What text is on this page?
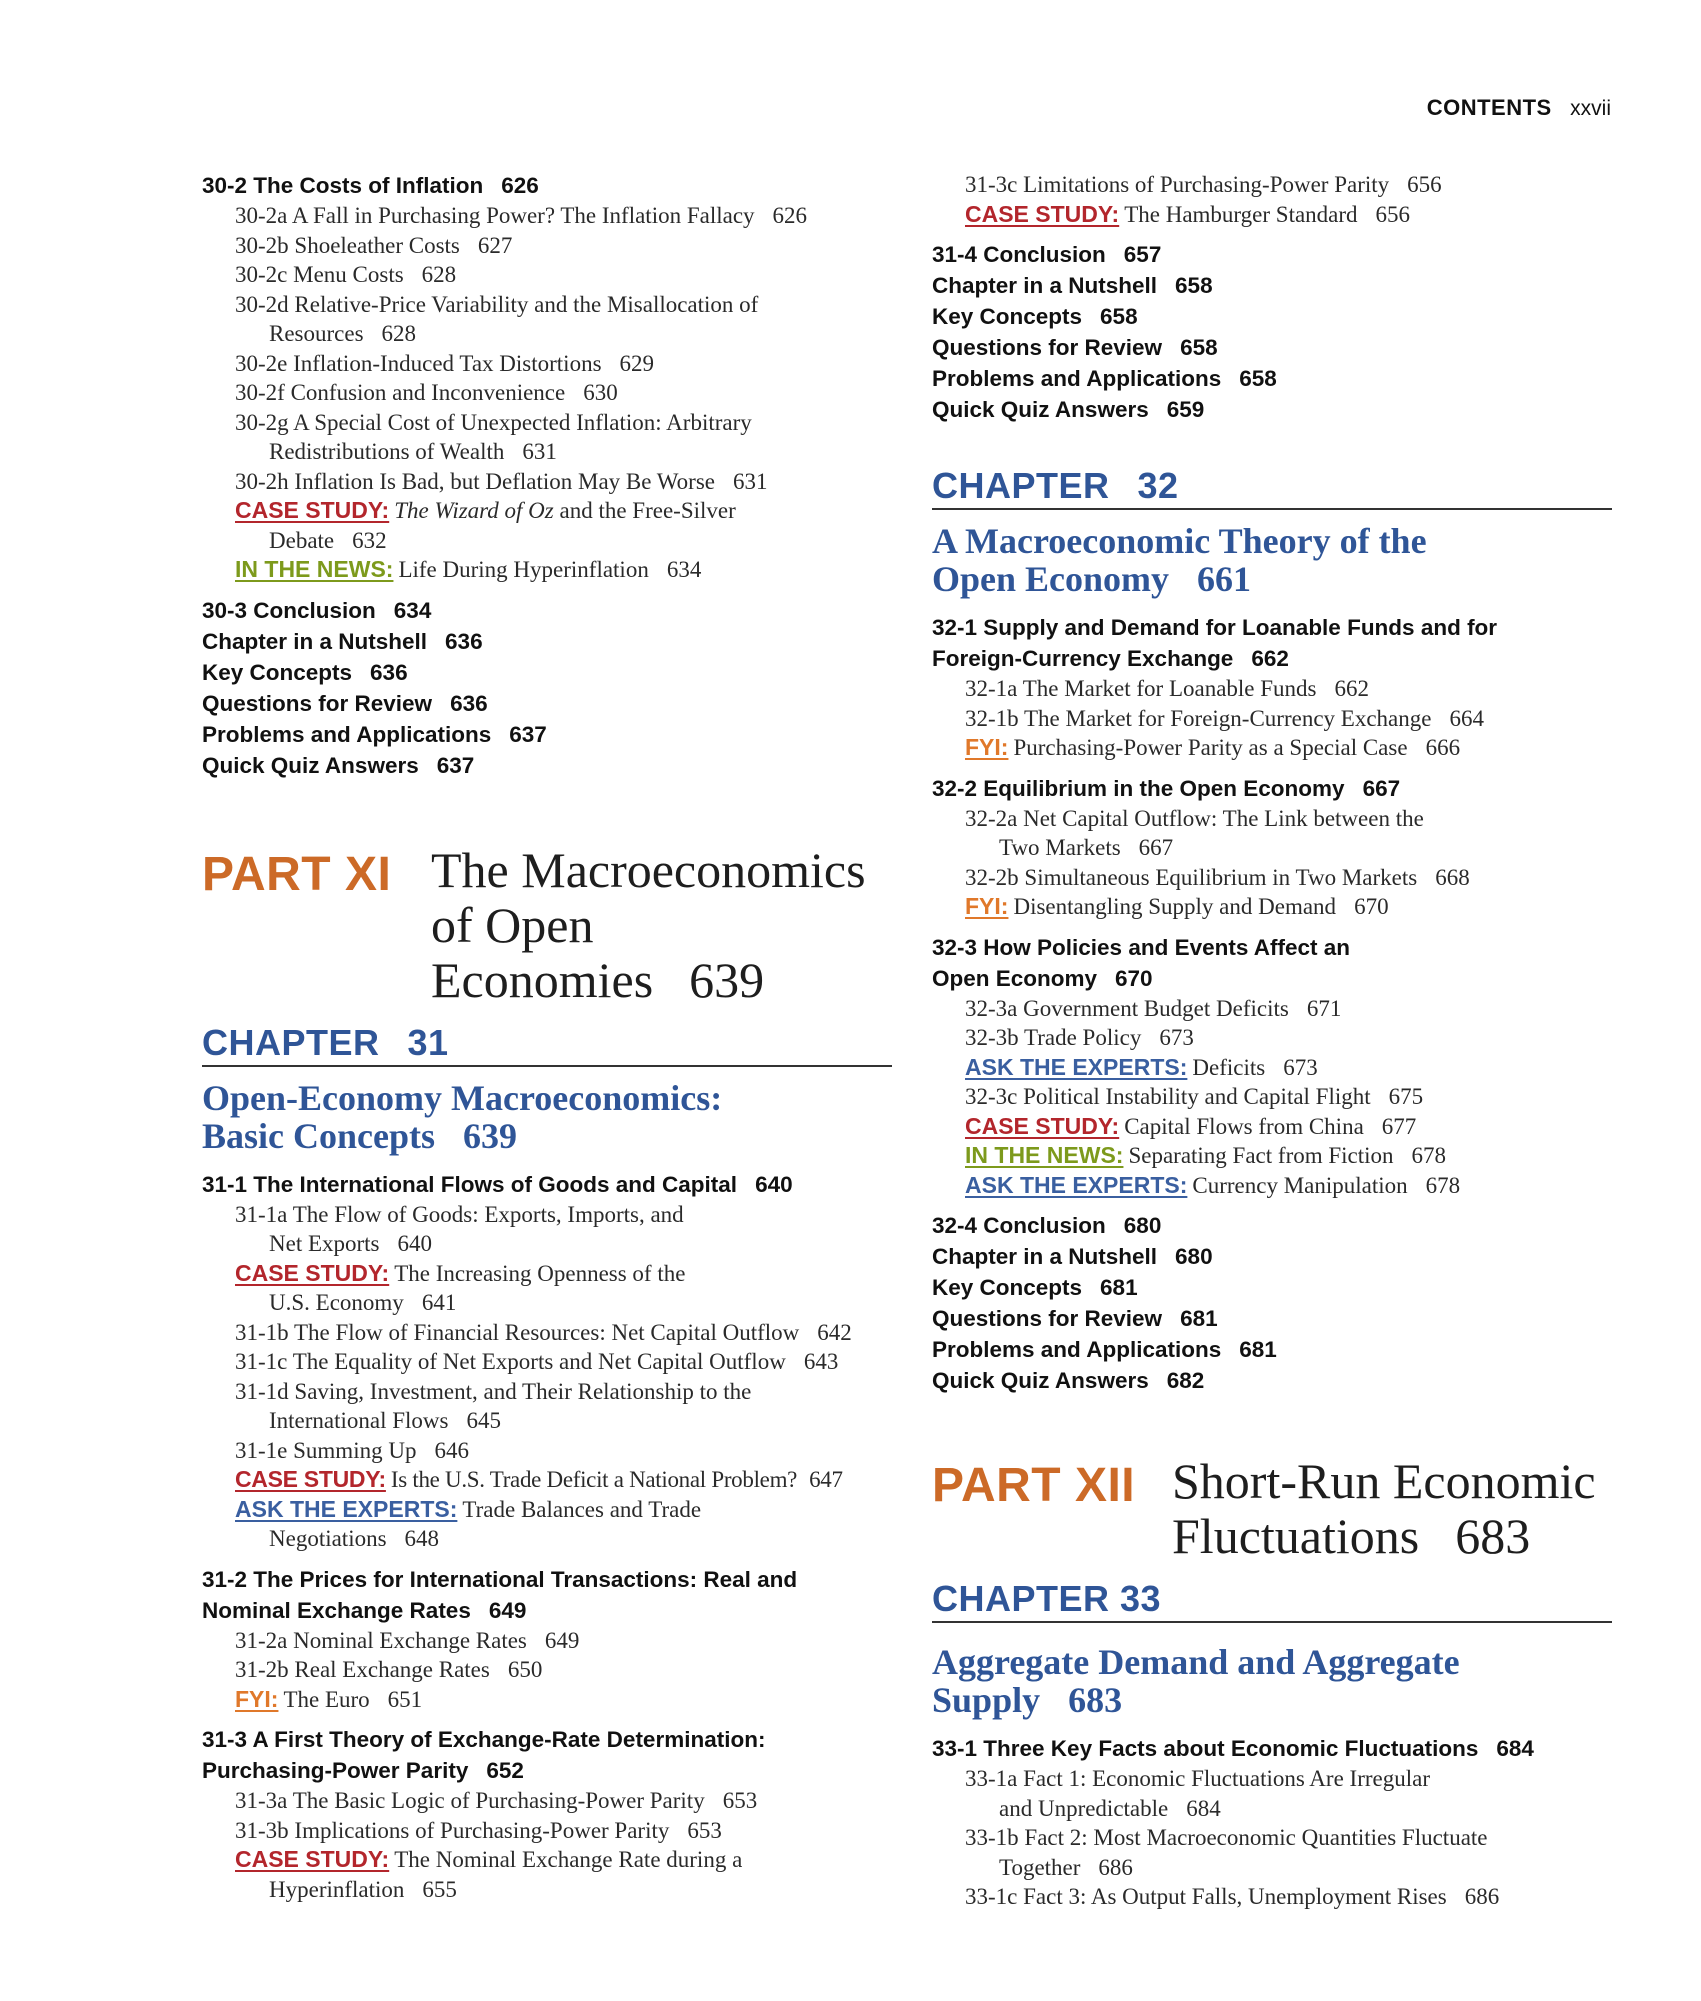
CONTENTS xxvii
30-2 The Costs of Inflation 626
30-2a A Fall in Purchasing Power? The Inflation Fallacy 626
30-2b Shoeleather Costs 627
30-2c Menu Costs 628
30-2d Relative-Price Variability and the Misallocation of
Resources 628
30-2e Inflation-Induced Tax Distortions 629
30-2f Confusion and Inconvenience 630
30-2g A Special Cost of Unexpected Inflation: Arbitrary
Redistributions of Wealth 631
30-2h Inflation Is Bad, but Deflation May Be Worse 631
CASE STUDY: The Wizard of Oz and the Free-Silver
Debate 632
IN THE NEWS: Life During Hyperinflation 634
30-3 Conclusion 634
Chapter in a Nutshell 636
Key Concepts 636
Questions for Review 636
Problems and Applications 637
Quick Quiz Answers 637
PART XI The Macroeconomics
of Open
Economies 639
CHAPTER 31
Open-Economy Macroeconomics:
Basic Concepts 639
31-1 The International Flows of Goods and Capital 640
31-1a The Flow of Goods: Exports, Imports, and
Net Exports 640
CASE STUDY: The Increasing Openness of the
U.S. Economy 641
31-1b The Flow of Financial Resources: Net Capital Outflow 642
31-1c The Equality of Net Exports and Net Capital Outflow 643
31-1d Saving, Investment, and Their Relationship to the
International Flows 645
31-1e Summing Up 646
CASE STUDY: Is the U.S. Trade Deficit a National Problem? 647
ASK THE EXPERTS: Trade Balances and Trade
Negotiations 648
31-2 The Prices for International Transactions: Real and
Nominal Exchange Rates 649
31-2a Nominal Exchange Rates 649
31-2b Real Exchange Rates 650
FYI: The Euro 651
31-3 A First Theory of Exchange-Rate Determination:
Purchasing-Power Parity 652
31-3a The Basic Logic of Purchasing-Power Parity 653
31-3b Implications of Purchasing-Power Parity 653
CASE STUDY: The Nominal Exchange Rate during a
Hyperinflation 655
31-3c Limitations of Purchasing-Power Parity 656
CASE STUDY: The Hamburger Standard 656
31-4 Conclusion 657
Chapter in a Nutshell 658
Key Concepts 658
Questions for Review 658
Problems and Applications 658
Quick Quiz Answers 659
CHAPTER 32
A Macroeconomic Theory of the
Open Economy 661
32-1 Supply and Demand for Loanable Funds and for
Foreign-Currency Exchange 662
32-1a The Market for Loanable Funds 662
32-1b The Market for Foreign-Currency Exchange 664
FYI: Purchasing-Power Parity as a Special Case 666
32-2 Equilibrium in the Open Economy 667
32-2a Net Capital Outflow: The Link between the
Two Markets 667
32-2b Simultaneous Equilibrium in Two Markets 668
FYI: Disentangling Supply and Demand 670
32-3 How Policies and Events Affect an
Open Economy 670
32-3a Government Budget Deficits 671
32-3b Trade Policy 673
ASK THE EXPERTS: Deficits 673
32-3c Political Instability and Capital Flight 675
CASE STUDY: Capital Flows from China 677
IN THE NEWS: Separating Fact from Fiction 678
ASK THE EXPERTS: Currency Manipulation 678
32-4 Conclusion 680
Chapter in a Nutshell 680
Key Concepts 681
Questions for Review 681
Problems and Applications 681
Quick Quiz Answers 682
PART XII Short-Run Economic
Fluctuations 683
CHAPTER 33
Aggregate Demand and Aggregate
Supply 683
33-1 Three Key Facts about Economic Fluctuations 684
33-1a Fact 1: Economic Fluctuations Are Irregular
and Unpredictable 684
33-1b Fact 2: Most Macroeconomic Quantities Fluctuate
Together 686
33-1c Fact 3: As Output Falls, Unemployment Rises 686
